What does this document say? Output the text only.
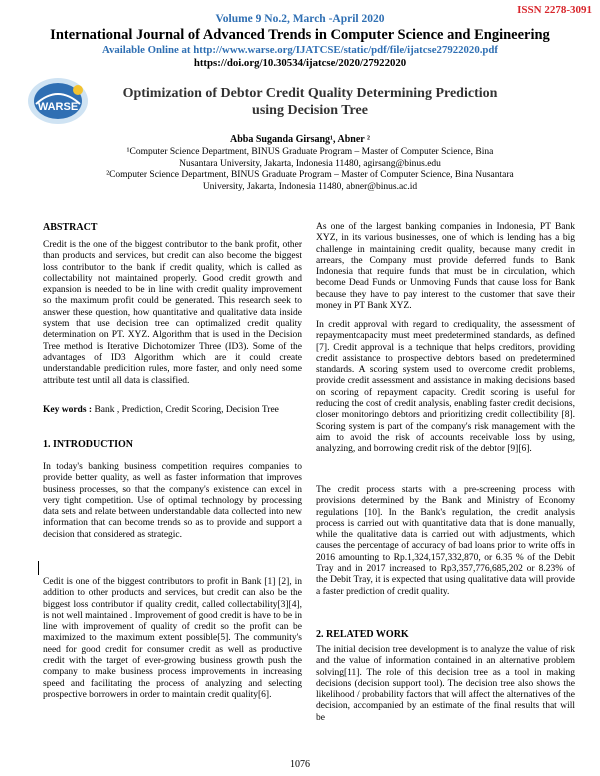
ISSN 2278-3091
Volume 9 No.2, March -April 2020
International Journal of Advanced Trends in Computer Science and Engineering
Available Online at http://www.warse.org/IJATCSE/static/pdf/file/ijatcse27922020.pdf
https://doi.org/10.30534/ijatcse/2020/27922020
WARSE
Optimization of Debtor Credit Quality Determining Prediction
using Decision Tree
Abba Suganda Girsang¹, Abner ²
¹Computer Science Department, BINUS Graduate Program – Master of Computer Science, Bina
Nusantara University, Jakarta, Indonesia 11480, agirsang@binus.edu
²Computer Science Department, BINUS Graduate Program – Master of Computer Science, Bina Nusantara
University, Jakarta, Indonesia 11480, abner@binus.ac.id
ABSTRACT

Credit is the one of the biggest contributor to the bank profit, other than products and services, but credit can also become the biggest loss contributor to the bank if credit quality, which is called as collectability not maintained properly. Good credit growth and expansion is needed to be in line with credit quality improvement so the maximum profit could be generated. This research seek to answer these question, how quantitative and qualitative data inside system that use decision tree can optimalized credit quality determination on PT. XYZ. Algorithm that is used in the Decision Tree method is Iterative Dichotomizer Three (ID3). Some of the advantages of ID3 Algorithm which are it could create understandable predicition rules, more faster, and only need some attribute test until all data is classified.

Key words : Bank , Prediction, Credit Scoring, Decision Tree
1. INTRODUCTION

In today's banking business competition requires companies to provide better quality, as well as faster information that improves business processes, so that the company's existence can excel in very tight competition. Use of optimal technology by processing data sets and relate between understandable data collected into new information that can become trends so as to provide and support a decision that considered as strategic.

Cedit is one of the biggest contributors to profit in Bank [1] [2], in addition to other products and services, but credit can also be the biggest loss contributor if quality credit, called collectability[3][4], is not well maintained . Improvement of good credit is have to be in line with improvement of quality of credit so the profit can be maximized to the maximum extent possible[5]. The community's need for good credit for consumer credit as well as productive credit with the target of ever-growing business growth push the company to make business process improvements in increasing speed and facilitating the process of analyzing and selecting prospective borrowers in order to maintain credit quality[6].

As one of the largest banking companies in Indonesia, PT Bank XYZ, in its various businesses, one of which is lending has a big challenge in maintaining credit quality, because many credit in arrears, the Company must provide deferred funds to Bank Indonesia that require funds that must be in circulation, which become Dead Funds or Unmoving Funds that cause loss for Bank because they have to pay interest to the customer that save their money in PT Bank XYZ.

In credit approval with regard to crediquality, the assessment of repaymentcapacity must meet predetermined standards, as defined [7]. Credit approval is a technique that helps creditors, providing credit assistance to prospective debtors based on predetermined standards. A scoring system used to overcome credit problems, provide credit assessment and assistance in making decisions based on scoring of repayment capacity. Credit scoring is useful for reducing the cost of credit analysis, enabling faster credit decisions, closer monitoringo debtors and prioritizing credit collectibility [8]. Scoring system is part of the company's risk management with the aim to avoid the risk of accounts receivable loss by using, analyzing, and borrowing credit risk of the debtor [9][6].

The credit process starts with a pre-screening process with provisions determined by the Bank and Ministry of Economy regulations [10]. In the Bank's regulation, the credit analysis process is carried out with quantitative data that is done manually, while the qualitative data is carried out with adjustments, which causes the percentage of accuracy of bad loans prior to write offs in 2016 amounting to Rp.1,324,157,332,870, or 6.35 % of the Debit Tray and in 2017 increased to Rp3,357,776,685,202 or 8.23% of the Debit Tray, it is expected that using qualitative data will provide a faster prediction of credit quality.

2. RELATED WORK

The initial decision tree development is to analyze the value of risk and the value of information contained in an alternative problem solving[11]. The role of this decision tree as a tool in making decisions (decision support tool). The decision tree also shows the likelihood / probability factors that will affect the alternatives of the decision, accompanied by an estimate of the final results that will be

1076
